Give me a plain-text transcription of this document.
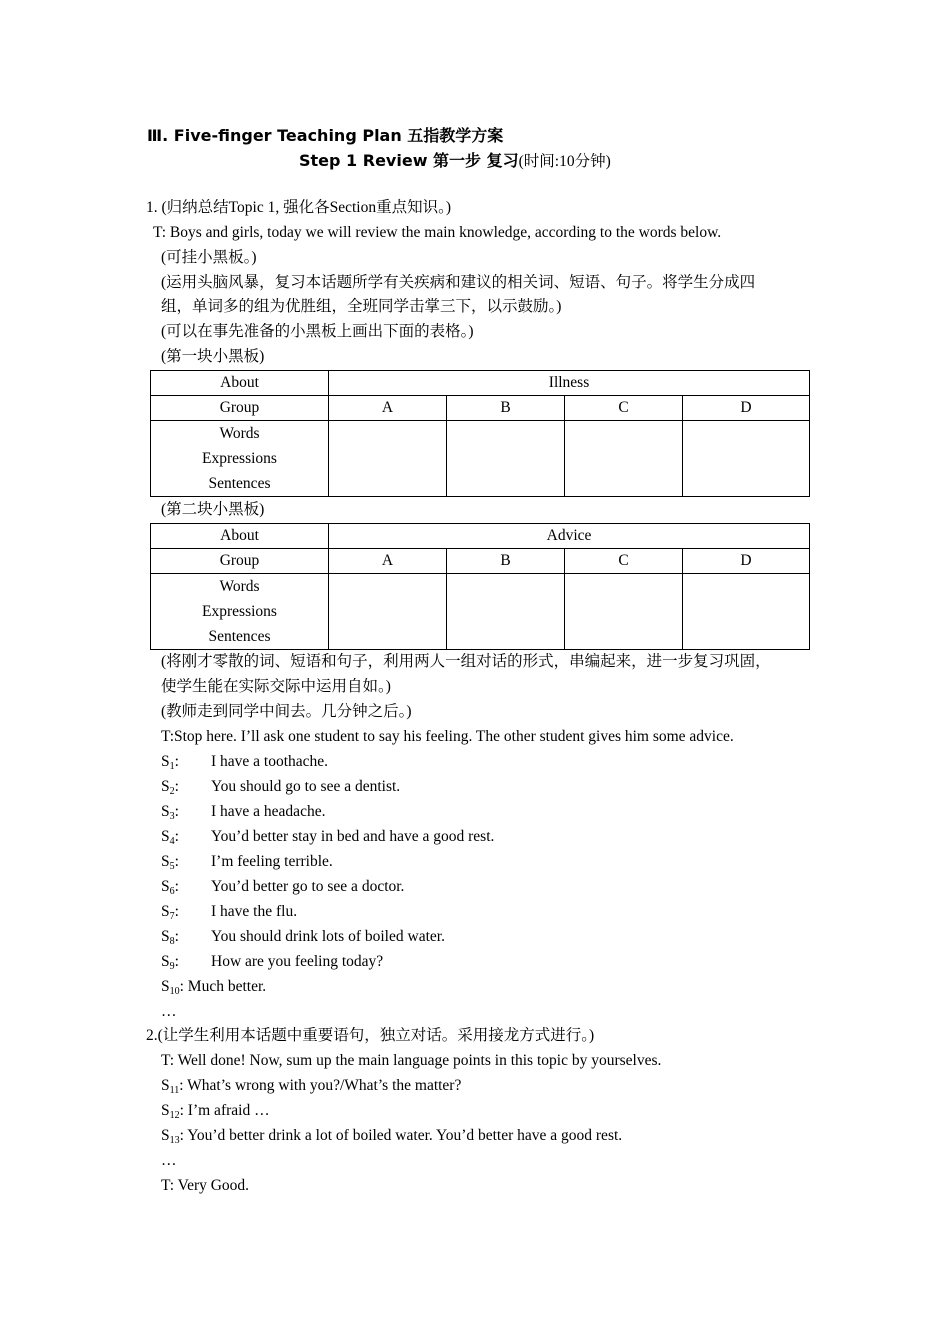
Ⅲ. Five-finger Teaching Plan 五指教学方案
Step 1 Review 第一步 复习(时间:10分钟)
1. (归纳总结Topic 1, 强化各Section重点知识。)
T: Boys and girls, today we will review the main knowledge, according to the words below.
(可挂小黑板。)
(运用头脑风暴，复习本话题所学有关疾病和建议的相关词、短语、句子。将学生分成四
组，单词多的组为优胜组，全班同学击掌三下，以示鼓励。)
(可以在事先准备的小黑板上画出下面的表格。)
(第一块小黑板)
About	Illness			
Group	A	B	C	D

Words
Expressions
Sentences				

(第二块小黑板)
About	Advice			
Group	A	B	C	D

Words
Expressions
Sentences				

(将刚才零散的词、短语和句子，利用两人一组对话的形式，串编起来，进一步复习巩固，
使学生能在实际交际中运用自如。)
(教师走到同学中间去。几分钟之后。)
T:Stop here. I’ll ask one student to say his feeling. The other student gives him some advice.
$S_1$: I have a toothache.
$S_2$: You should go to see a dentist.
$S_3$: I have a headache.
$S_4$: You’d better stay in bed and have a good rest.
$S_5$: I’m feeling terrible.
$S_6$: You’d better go to see a doctor.
$S_7$: I have the flu.
$S_8$: You should drink lots of boiled water.
$S_9$: How are you feeling today?
$S_{10}$: Much better.
…
2.(让学生利用本话题中重要语句，独立对话。采用接龙方式进行。)
T: Well done! Now, sum up the main language points in this topic by yourselves.
$S_{11}$: What’s wrong with you?/What’s the matter?
$S_{12}$: I’m afraid …
$S_{13}$: You’d better drink a lot of boiled water. You’d better have a good rest.
…
T: Very Good.
